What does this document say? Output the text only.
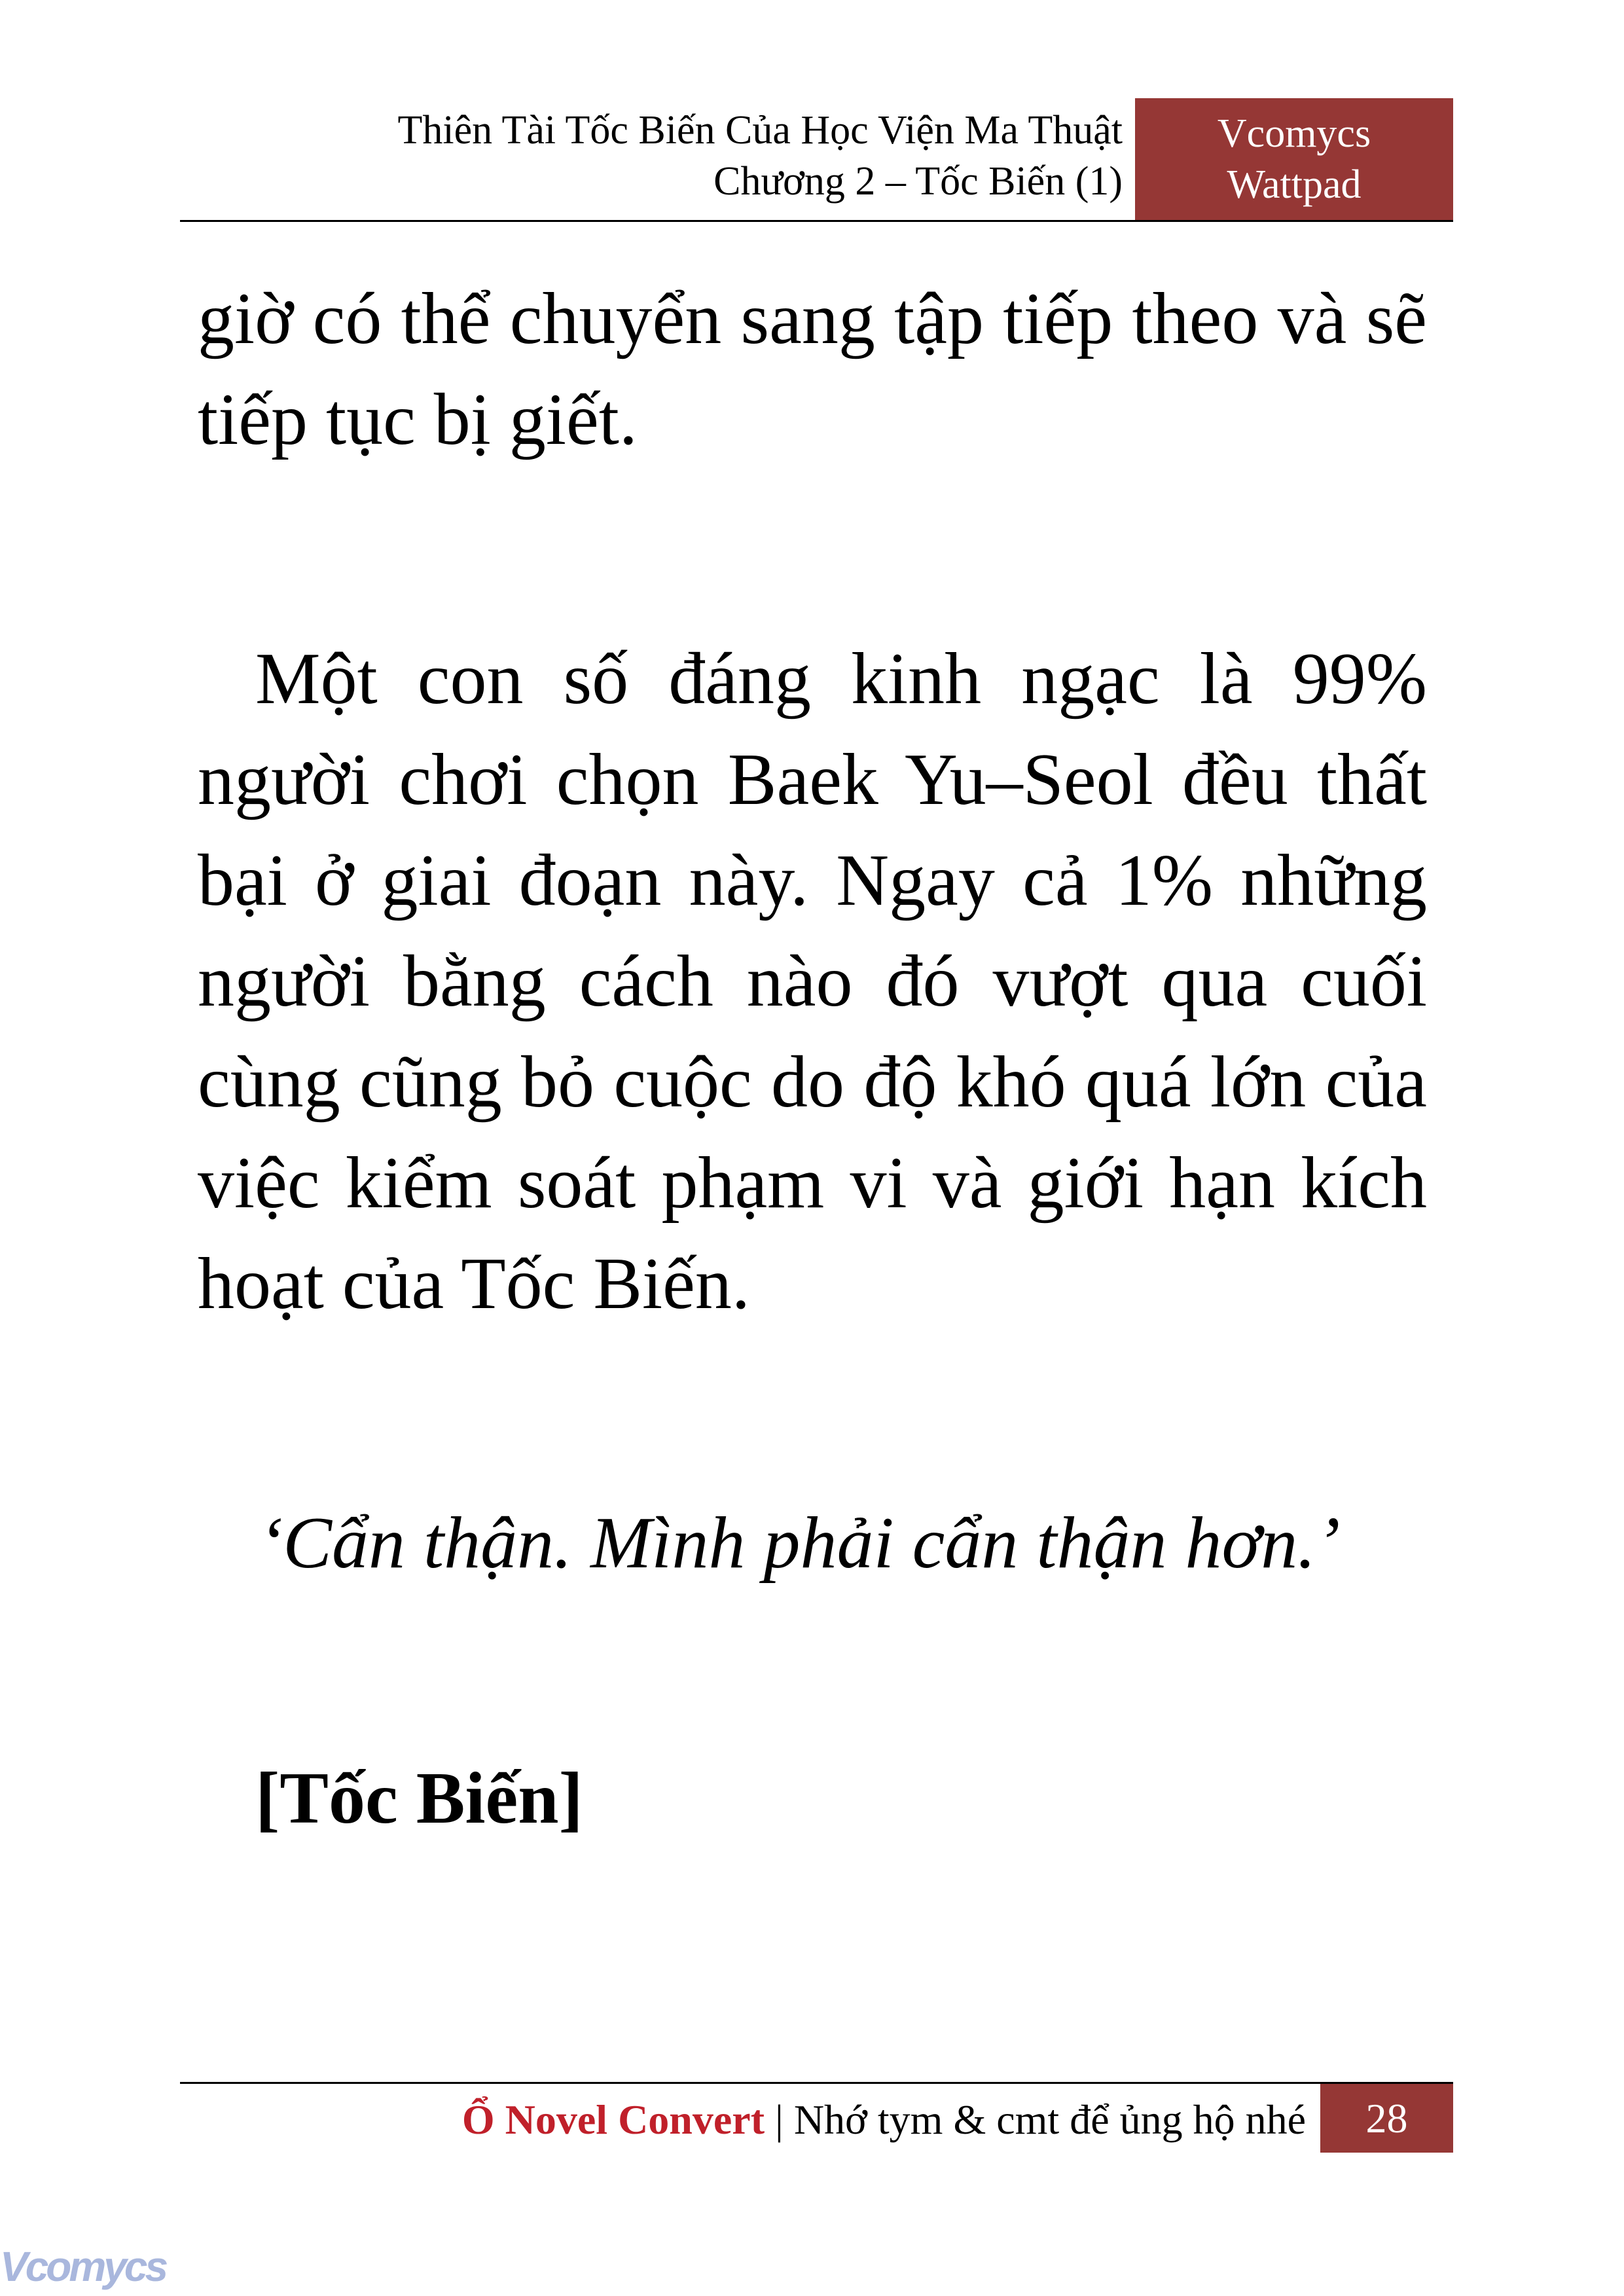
Thiên Tài Tốc Biến Của Học Viện Ma Thuật
Chương 2 – Tốc Biến (1)
Vcomycs
Wattpad
giờ có thể chuyển sang tập tiếp theo và sẽ tiếp tục bị giết.
Một con số đáng kinh ngạc là 99% người chơi chọn Baek Yu–Seol đều thất bại ở giai đoạn này. Ngay cả 1% những người bằng cách nào đó vượt qua cuối cùng cũng bỏ cuộc do độ khó quá lớn của việc kiểm soát phạm vi và giới hạn kích hoạt của Tốc Biến.
‘Cẩn thận. Mình phải cẩn thận hơn.’
[Tốc Biến]
Ổ Novel Convert | Nhớ tym & cmt để ủng hộ nhé	28
Vcomycs
